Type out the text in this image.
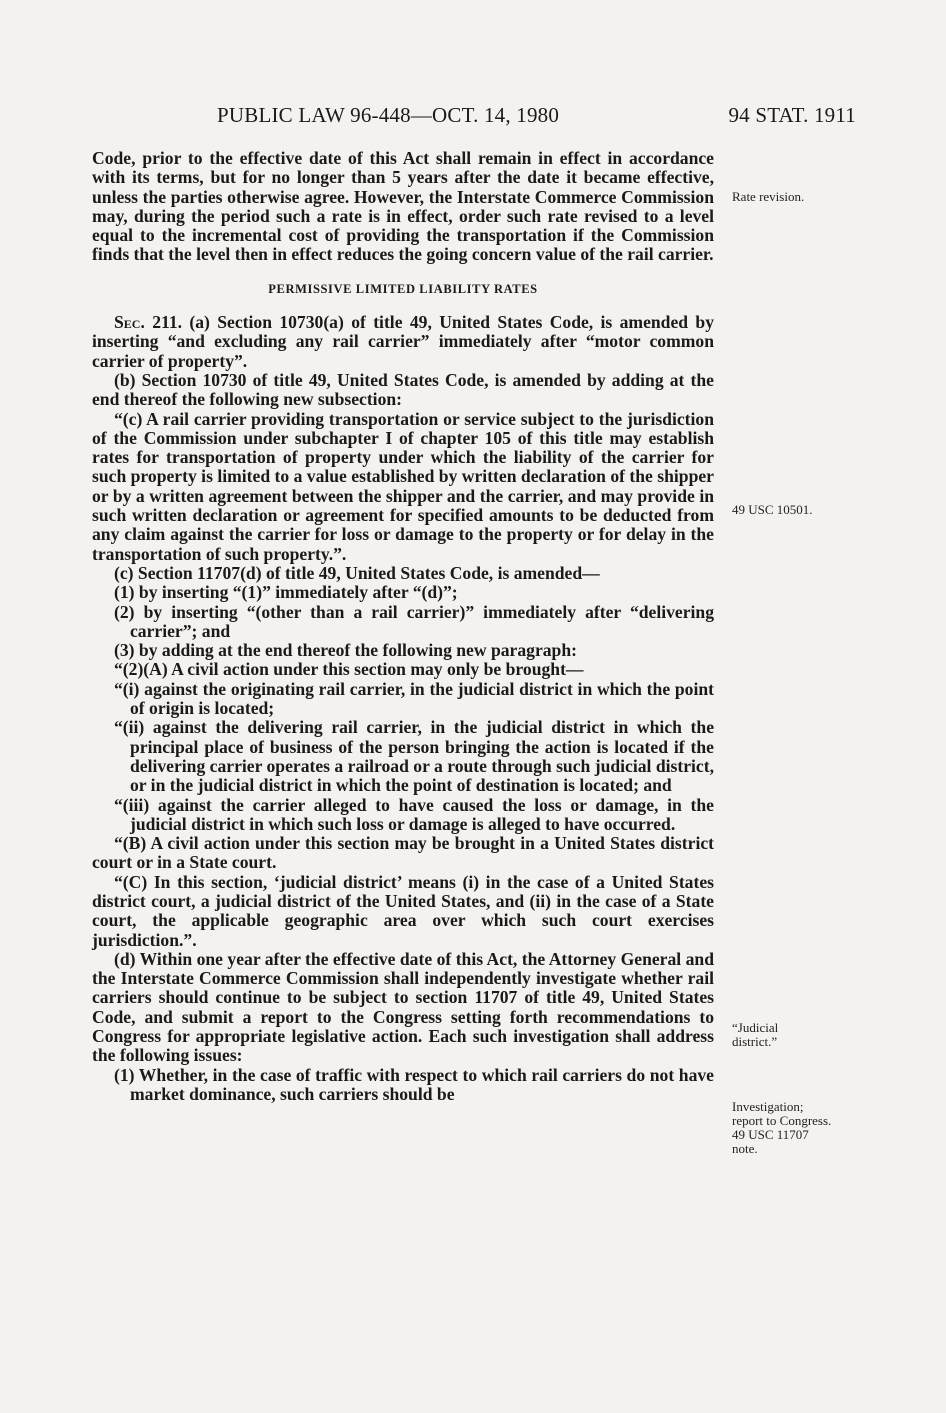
PUBLIC LAW 96-448—OCT. 14, 1980	94 STAT. 1911

Code, prior to the effective date of this Act shall remain in effect in accordance with its terms, but for no longer than 5 years after the date it became effective, unless the parties otherwise agree. However, the Interstate Commerce Commission may, during the period such a rate is in effect, order such rate revised to a level equal to the incremental cost of providing the transportation if the Commission finds that the level then in effect reduces the going concern value of the rail carrier.

PERMISSIVE LIMITED LIABILITY RATES

Sec. 211. (a) Section 10730(a) of title 49, United States Code, is amended by inserting “and excluding any rail carrier” immediately after “motor common carrier of property”.

(b) Section 10730 of title 49, United States Code, is amended by adding at the end thereof the following new subsection:

“(c) A rail carrier providing transportation or service subject to the jurisdiction of the Commission under subchapter I of chapter 105 of this title may establish rates for transportation of property under which the liability of the carrier for such property is limited to a value established by written declaration of the shipper or by a written agreement between the shipper and the carrier, and may provide in such written declaration or agreement for specified amounts to be deducted from any claim against the carrier for loss or damage to the property or for delay in the transportation of such property.”.

(c) Section 11707(d) of title 49, United States Code, is amended—

(1) by inserting “(1)” immediately after “(d)”;

(2) by inserting “(other than a rail carrier)” immediately after “delivering carrier”; and

(3) by adding at the end thereof the following new paragraph:

“(2)(A) A civil action under this section may only be brought—

“(i) against the originating rail carrier, in the judicial district in which the point of origin is located;

“(ii) against the delivering rail carrier, in the judicial district in which the principal place of business of the person bringing the action is located if the delivering carrier operates a railroad or a route through such judicial district, or in the judicial district in which the point of destination is located; and

“(iii) against the carrier alleged to have caused the loss or damage, in the judicial district in which such loss or damage is alleged to have occurred.

“(B) A civil action under this section may be brought in a United States district court or in a State court.

“(C) In this section, ‘judicial district’ means (i) in the case of a United States district court, a judicial district of the United States, and (ii) in the case of a State court, the applicable geographic area over which such court exercises jurisdiction.”.

(d) Within one year after the effective date of this Act, the Attorney General and the Interstate Commerce Commission shall independently investigate whether rail carriers should continue to be subject to section 11707 of title 49, United States Code, and submit a report to the Congress setting forth recommendations to Congress for appropriate legislative action. Each such investigation shall address the following issues:

(1) Whether, in the case of traffic with respect to which rail carriers do not have market dominance, such carriers should be

Rate revision.
49 USC 10501.
“Judicial district.”
Investigation; report to Congress. 49 USC 11707 note.
